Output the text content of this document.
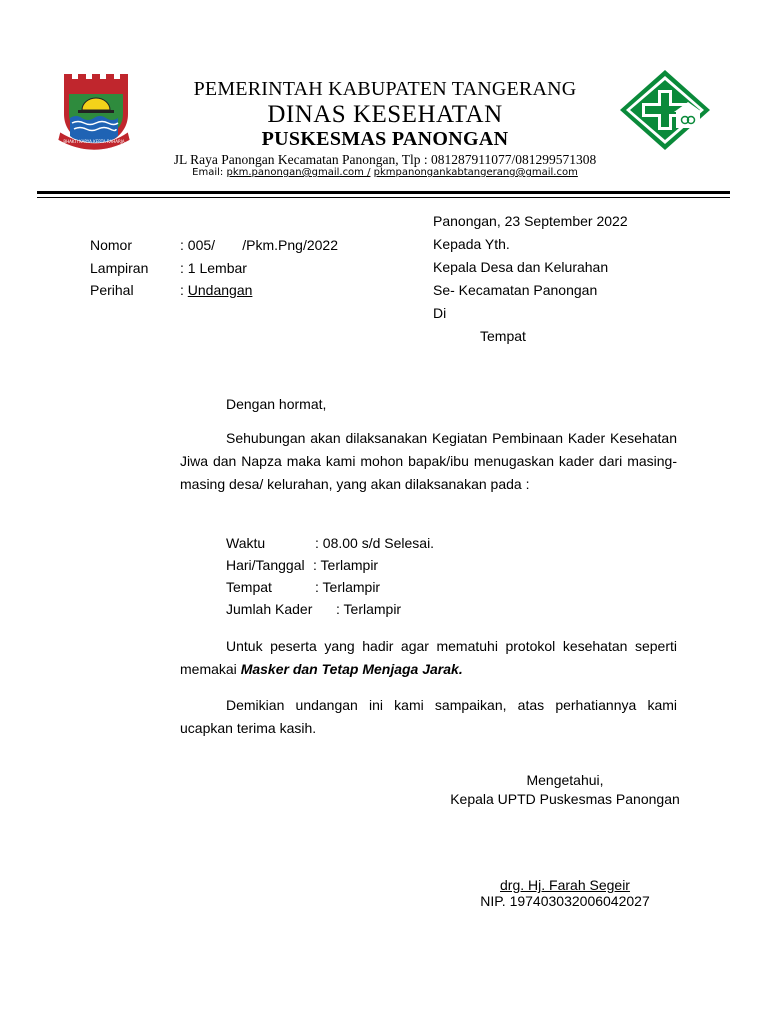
BHAKTI KARYA KERTA RAHARJA
PEMERINTAH KABUPATEN TANGERANG
DINAS KESEHATAN
PUSKESMAS PANONGAN
JL Raya Panongan Kecamatan Panongan, Tlp : 081287911077/081299571308
Email: pkm.panongan@gmail.com / pkmpanongankabtangerang@gmail.com
Panongan, 23 September 2022
Kepada Yth.
Kepala Desa dan Kelurahan
Se- Kecamatan Panongan
Di
Tempat
Nomor	: 005/       /Pkm.Png/2022
Lampiran : 1 Lembar
Perihal	: Undangan
Dengan hormat,
Sehubungan akan dilaksanakan Kegiatan Pembinaan Kader Kesehatan Jiwa dan Napza maka kami mohon bapak/ibu menugaskan kader dari masing-masing desa/ kelurahan, yang akan dilaksanakan pada :
Waktu	: 08.00 s/d Selesai.
Hari/Tanggal : Terlampir
Tempat	: Terlampir
Jumlah Kader : Terlampir
Untuk peserta yang hadir agar mematuhi protokol kesehatan seperti memakai Masker dan Tetap Menjaga Jarak.
Demikian undangan ini kami sampaikan, atas perhatiannya kami ucapkan terima kasih.
Mengetahui,
Kepala UPTD Puskesmas Panongan
drg. Hj. Farah Segeir
NIP. 197403032006042027
